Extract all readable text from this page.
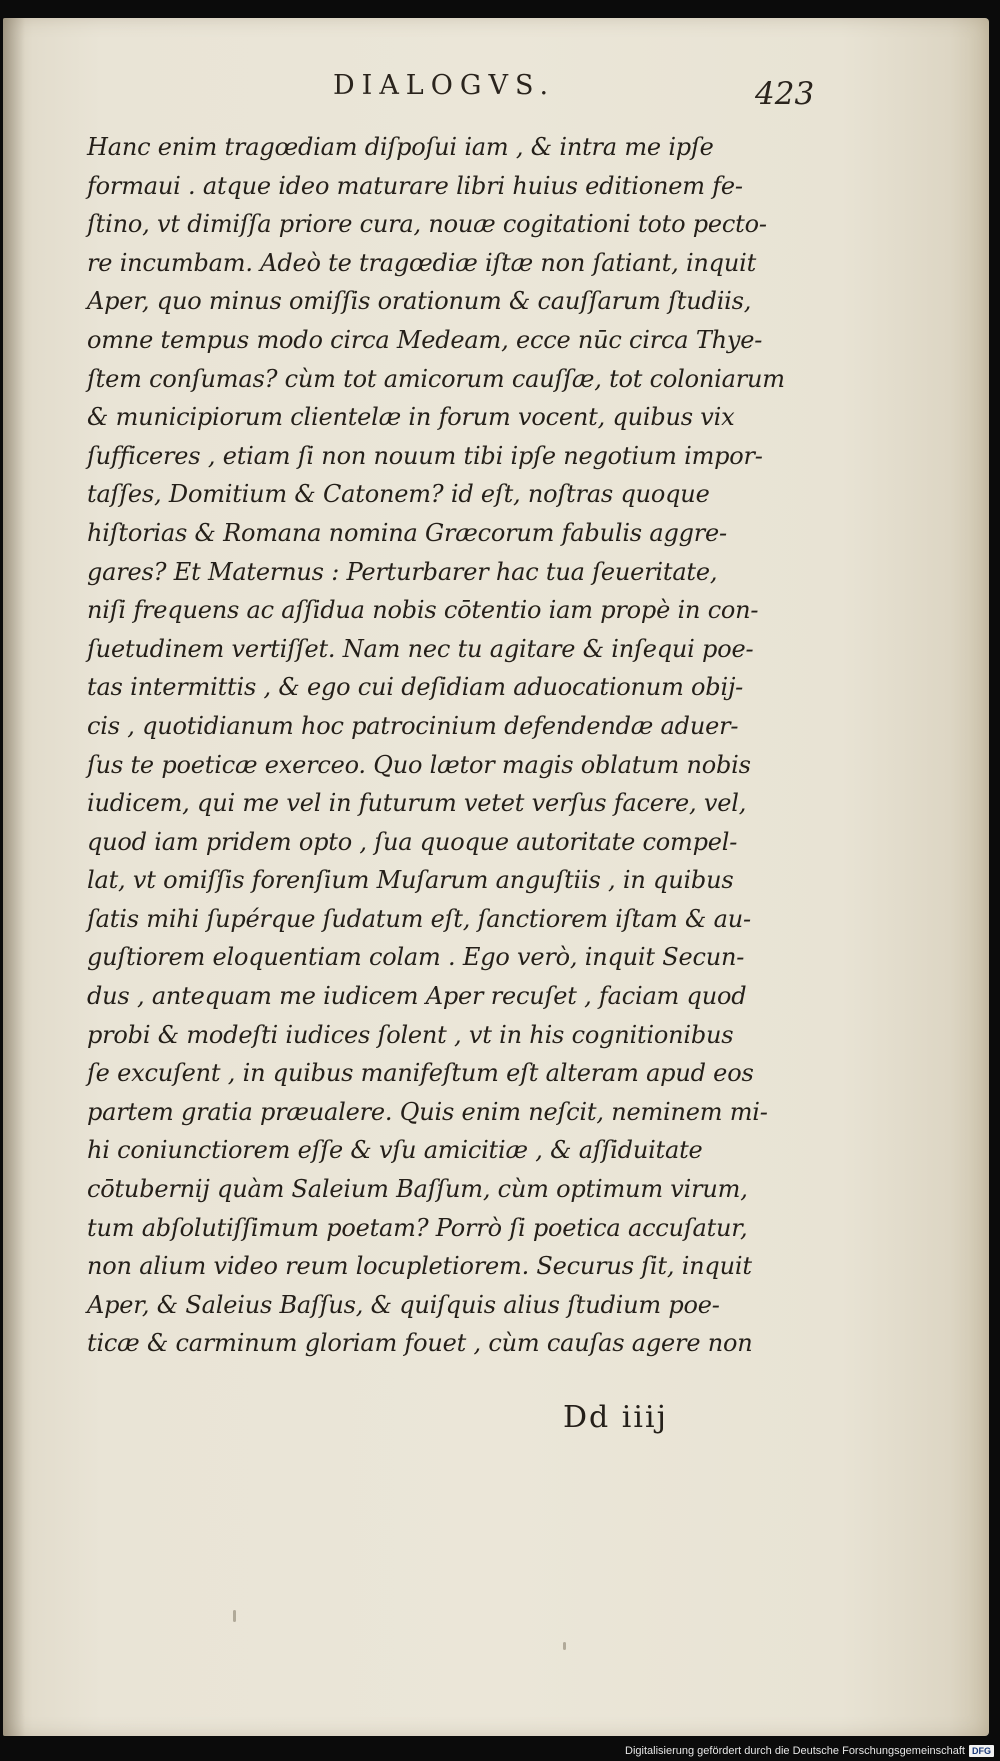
DIALOGVS.	423
Hanc enim tragœdiam diſpoſui iam , & intra me ipſe
formaui . atque ideo maturare libri huius editionem fe-
ſtino, vt dimiſſa priore cura, nouæ cogitationi toto pecto-
re incumbam. Adeò te tragœdiæ iſtæ non ſatiant, inquit
Aper, quo minus omiſſis orationum & cauſſarum ſtudiis,
omne tempus modo circa Medeam, ecce nūc circa Thye-
ſtem conſumas? cùm tot amicorum cauſſæ, tot coloniarum
& municipiorum clientelæ in forum vocent, quibus vix
ſufficeres , etiam ſi non nouum tibi ipſe negotium impor-
taſſes, Domitium & Catonem? id eſt, noſtras quoque
hiſtorias & Romana nomina Græcorum fabulis aggre-
gares? Et Maternus : Perturbarer hac tua ſeueritate,
niſi frequens ac aſſidua nobis cōtentio iam propè in con-
ſuetudinem vertiſſet. Nam nec tu agitare & inſequi poe-
tas intermittis , & ego cui deſidiam aduocationum obij-
cis , quotidianum hoc patrocinium defendendæ aduer-
ſus te poeticæ exerceo. Quo lætor magis oblatum nobis
iudicem, qui me vel in futurum vetet verſus facere, vel,
quod iam pridem opto , ſua quoque autoritate compel-
lat, vt omiſſis forenſium Muſarum anguſtiis , in quibus
ſatis mihi ſupérque ſudatum eſt, ſanctiorem iſtam & au-
guſtiorem eloquentiam colam . Ego verò, inquit Secun-
dus , antequam me iudicem Aper recuſet , faciam quod
probi & modeſti iudices ſolent , vt in his cognitionibus
ſe excuſent , in quibus manifeſtum eſt alteram apud eos
partem gratia præualere. Quis enim neſcit, neminem mi-
hi coniunctiorem eſſe & vſu amicitiæ , & aſſiduitate
cōtubernij quàm Saleium Baſſum, cùm optimum virum,
tum abſolutiſſimum poetam? Porrò ſi poetica accuſatur,
non alium video reum locupletiorem. Securus ſit, inquit
Aper, & Saleius Baſſus, & quiſquis alius ſtudium poe-
ticæ & carminum gloriam fouet , cùm cauſas agere non
Dd iiij
Digitalisierung gefördert durch die Deutsche Forschungsgemeinschaft DFG
